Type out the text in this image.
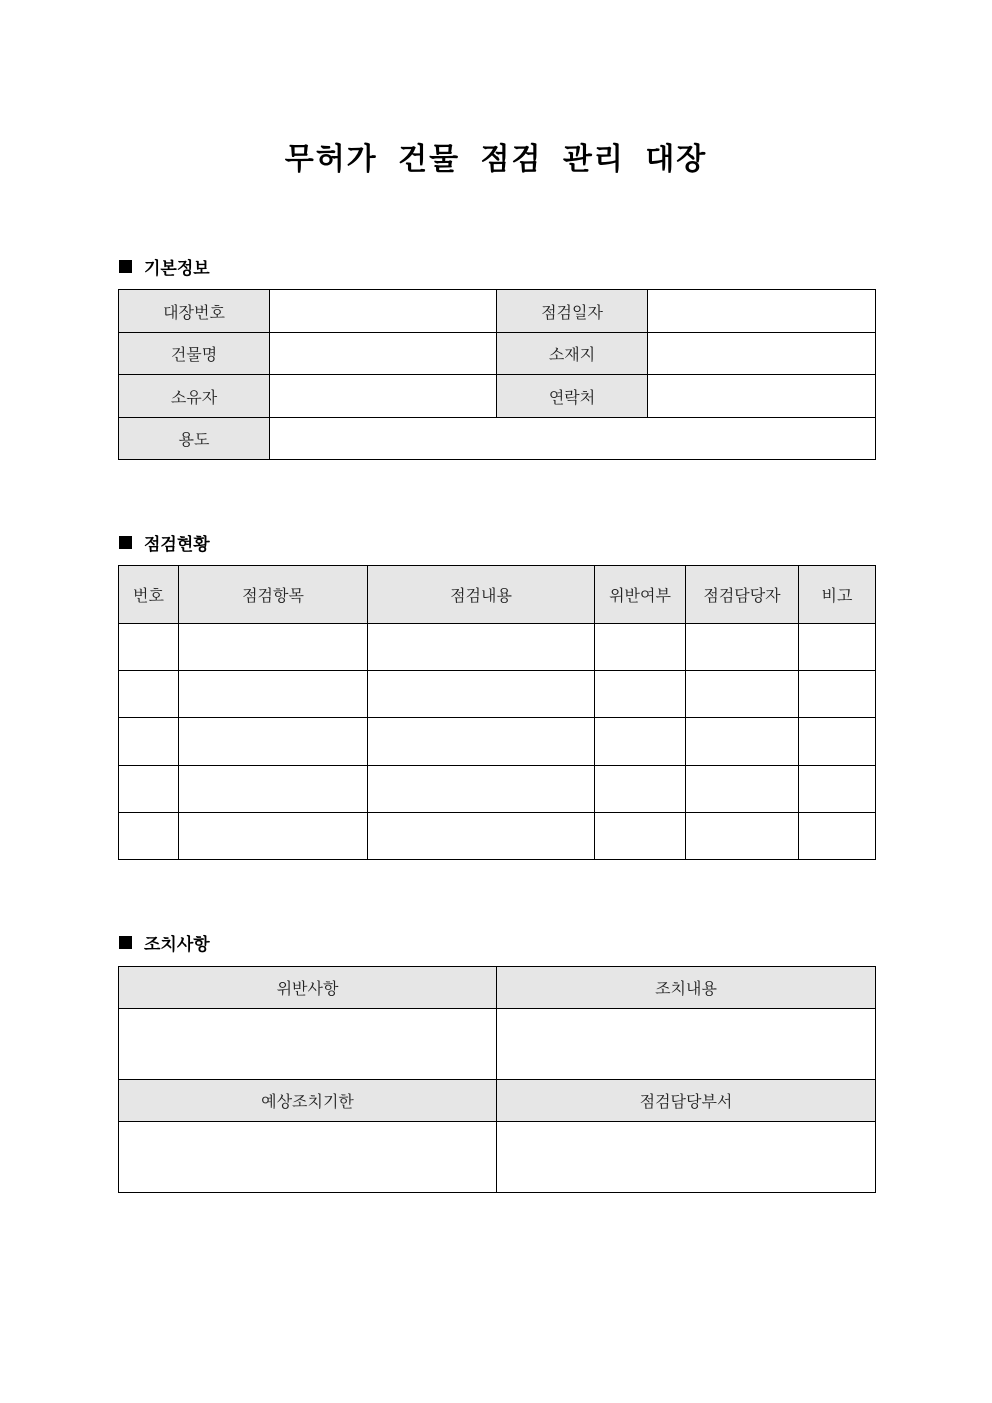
무허가 건물 점검 관리 대장
기본정보
대장번호		점검일자	
건물명		소재지	
소유자		연락처	
용도			
점검현황
번호	점검항목	점검내용	위반여부	점검담당자	비고

조치사항
위반사항	조치내용

예상조치기한	점검담당부서
